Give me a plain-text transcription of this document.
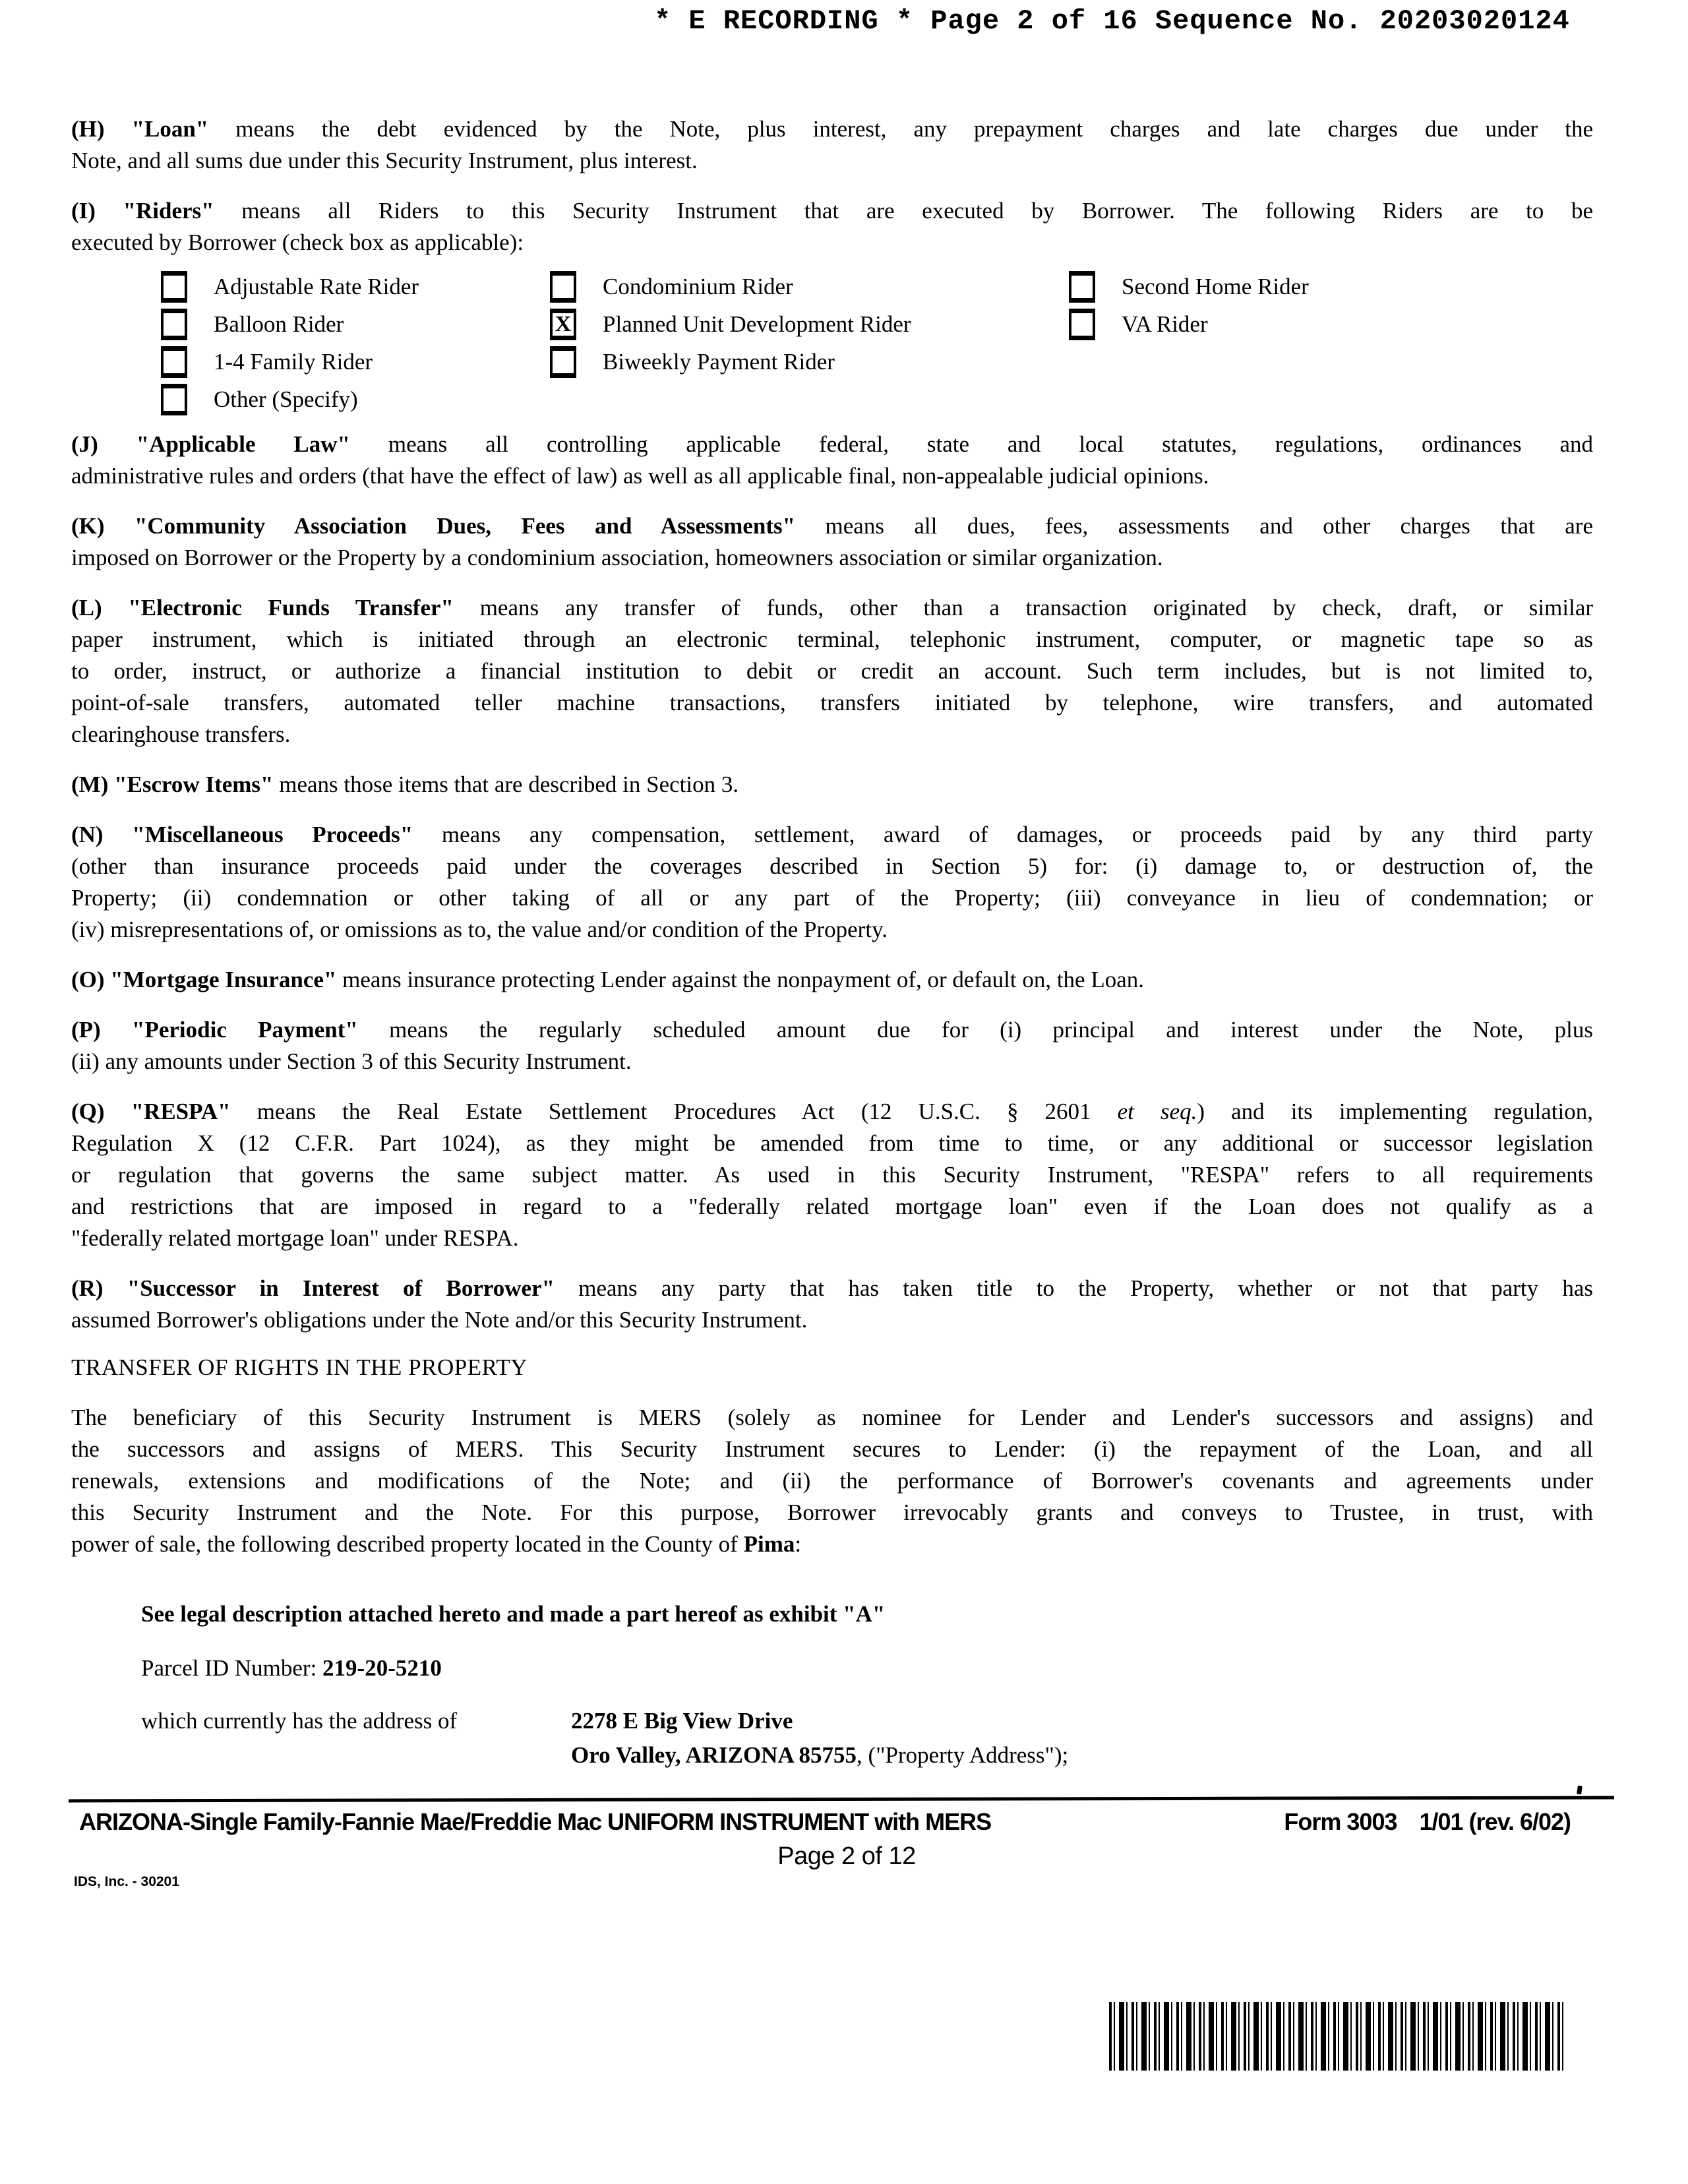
* E RECORDING * Page 2 of 16 Sequence No. 20203020124
(H) "Loan" means the debt evidenced by the Note, plus interest, any prepayment charges and late charges due under the
Note, and all sums due under this Security Instrument, plus interest.
(I) "Riders" means all Riders to this Security Instrument that are executed by Borrower. The following Riders are to be
executed by Borrower (check box as applicable):
Adjustable Rate Rider	Condominium Rider	Second Home Rider
Balloon Rider X	Planned Unit Development Rider	VA Rider
1-4 Family Rider	Biweekly Payment Rider
Other (Specify)
(J) "Applicable Law" means all controlling applicable federal, state and local statutes, regulations, ordinances and
administrative rules and orders (that have the effect of law) as well as all applicable final, non-appealable judicial opinions.
(K) "Community Association Dues, Fees and Assessments" means all dues, fees, assessments and other charges that are
imposed on Borrower or the Property by a condominium association, homeowners association or similar organization.
(L) "Electronic Funds Transfer" means any transfer of funds, other than a transaction originated by check, draft, or similar
paper instrument, which is initiated through an electronic terminal, telephonic instrument, computer, or magnetic tape so as
to order, instruct, or authorize a financial institution to debit or credit an account. Such term includes, but is not limited to,
point-of-sale transfers, automated teller machine transactions, transfers initiated by telephone, wire transfers, and automated
clearinghouse transfers.
(M) "Escrow Items" means those items that are described in Section 3.
(N) "Miscellaneous Proceeds" means any compensation, settlement, award of damages, or proceeds paid by any third party
(other than insurance proceeds paid under the coverages described in Section 5) for: (i) damage to, or destruction of, the
Property; (ii) condemnation or other taking of all or any part of the Property; (iii) conveyance in lieu of condemnation; or
(iv) misrepresentations of, or omissions as to, the value and/or condition of the Property.
(O) "Mortgage Insurance" means insurance protecting Lender against the nonpayment of, or default on, the Loan.
(P) "Periodic Payment" means the regularly scheduled amount due for (i) principal and interest under the Note, plus
(ii) any amounts under Section 3 of this Security Instrument.
(Q) "RESPA" means the Real Estate Settlement Procedures Act (12 U.S.C. § 2601 et seq.) and its implementing regulation,
Regulation X (12 C.F.R. Part 1024), as they might be amended from time to time, or any additional or successor legislation
or regulation that governs the same subject matter. As used in this Security Instrument, "RESPA" refers to all requirements
and restrictions that are imposed in regard to a "federally related mortgage loan" even if the Loan does not qualify as a
"federally related mortgage loan" under RESPA.
(R) "Successor in Interest of Borrower" means any party that has taken title to the Property, whether or not that party has
assumed Borrower's obligations under the Note and/or this Security Instrument.
TRANSFER OF RIGHTS IN THE PROPERTY
The beneficiary of this Security Instrument is MERS (solely as nominee for Lender and Lender's successors and assigns) and
the successors and assigns of MERS. This Security Instrument secures to Lender: (i) the repayment of the Loan, and all
renewals, extensions and modifications of the Note; and (ii) the performance of Borrower's covenants and agreements under
this Security Instrument and the Note. For this purpose, Borrower irrevocably grants and conveys to Trustee, in trust, with
power of sale, the following described property located in the County of Pima:
See legal description attached hereto and made a part hereof as exhibit "A"
Parcel ID Number: 219-20-5210
which currently has the address of	2278 E Big View Drive
Oro Valley, ARIZONA 85755, ("Property Address");
ARIZONA-Single Family-Fannie Mae/Freddie Mac UNIFORM INSTRUMENT with MERS	Form 3003 1/01 (rev. 6/02)
Page 2 of 12
IDS, Inc. - 30201
